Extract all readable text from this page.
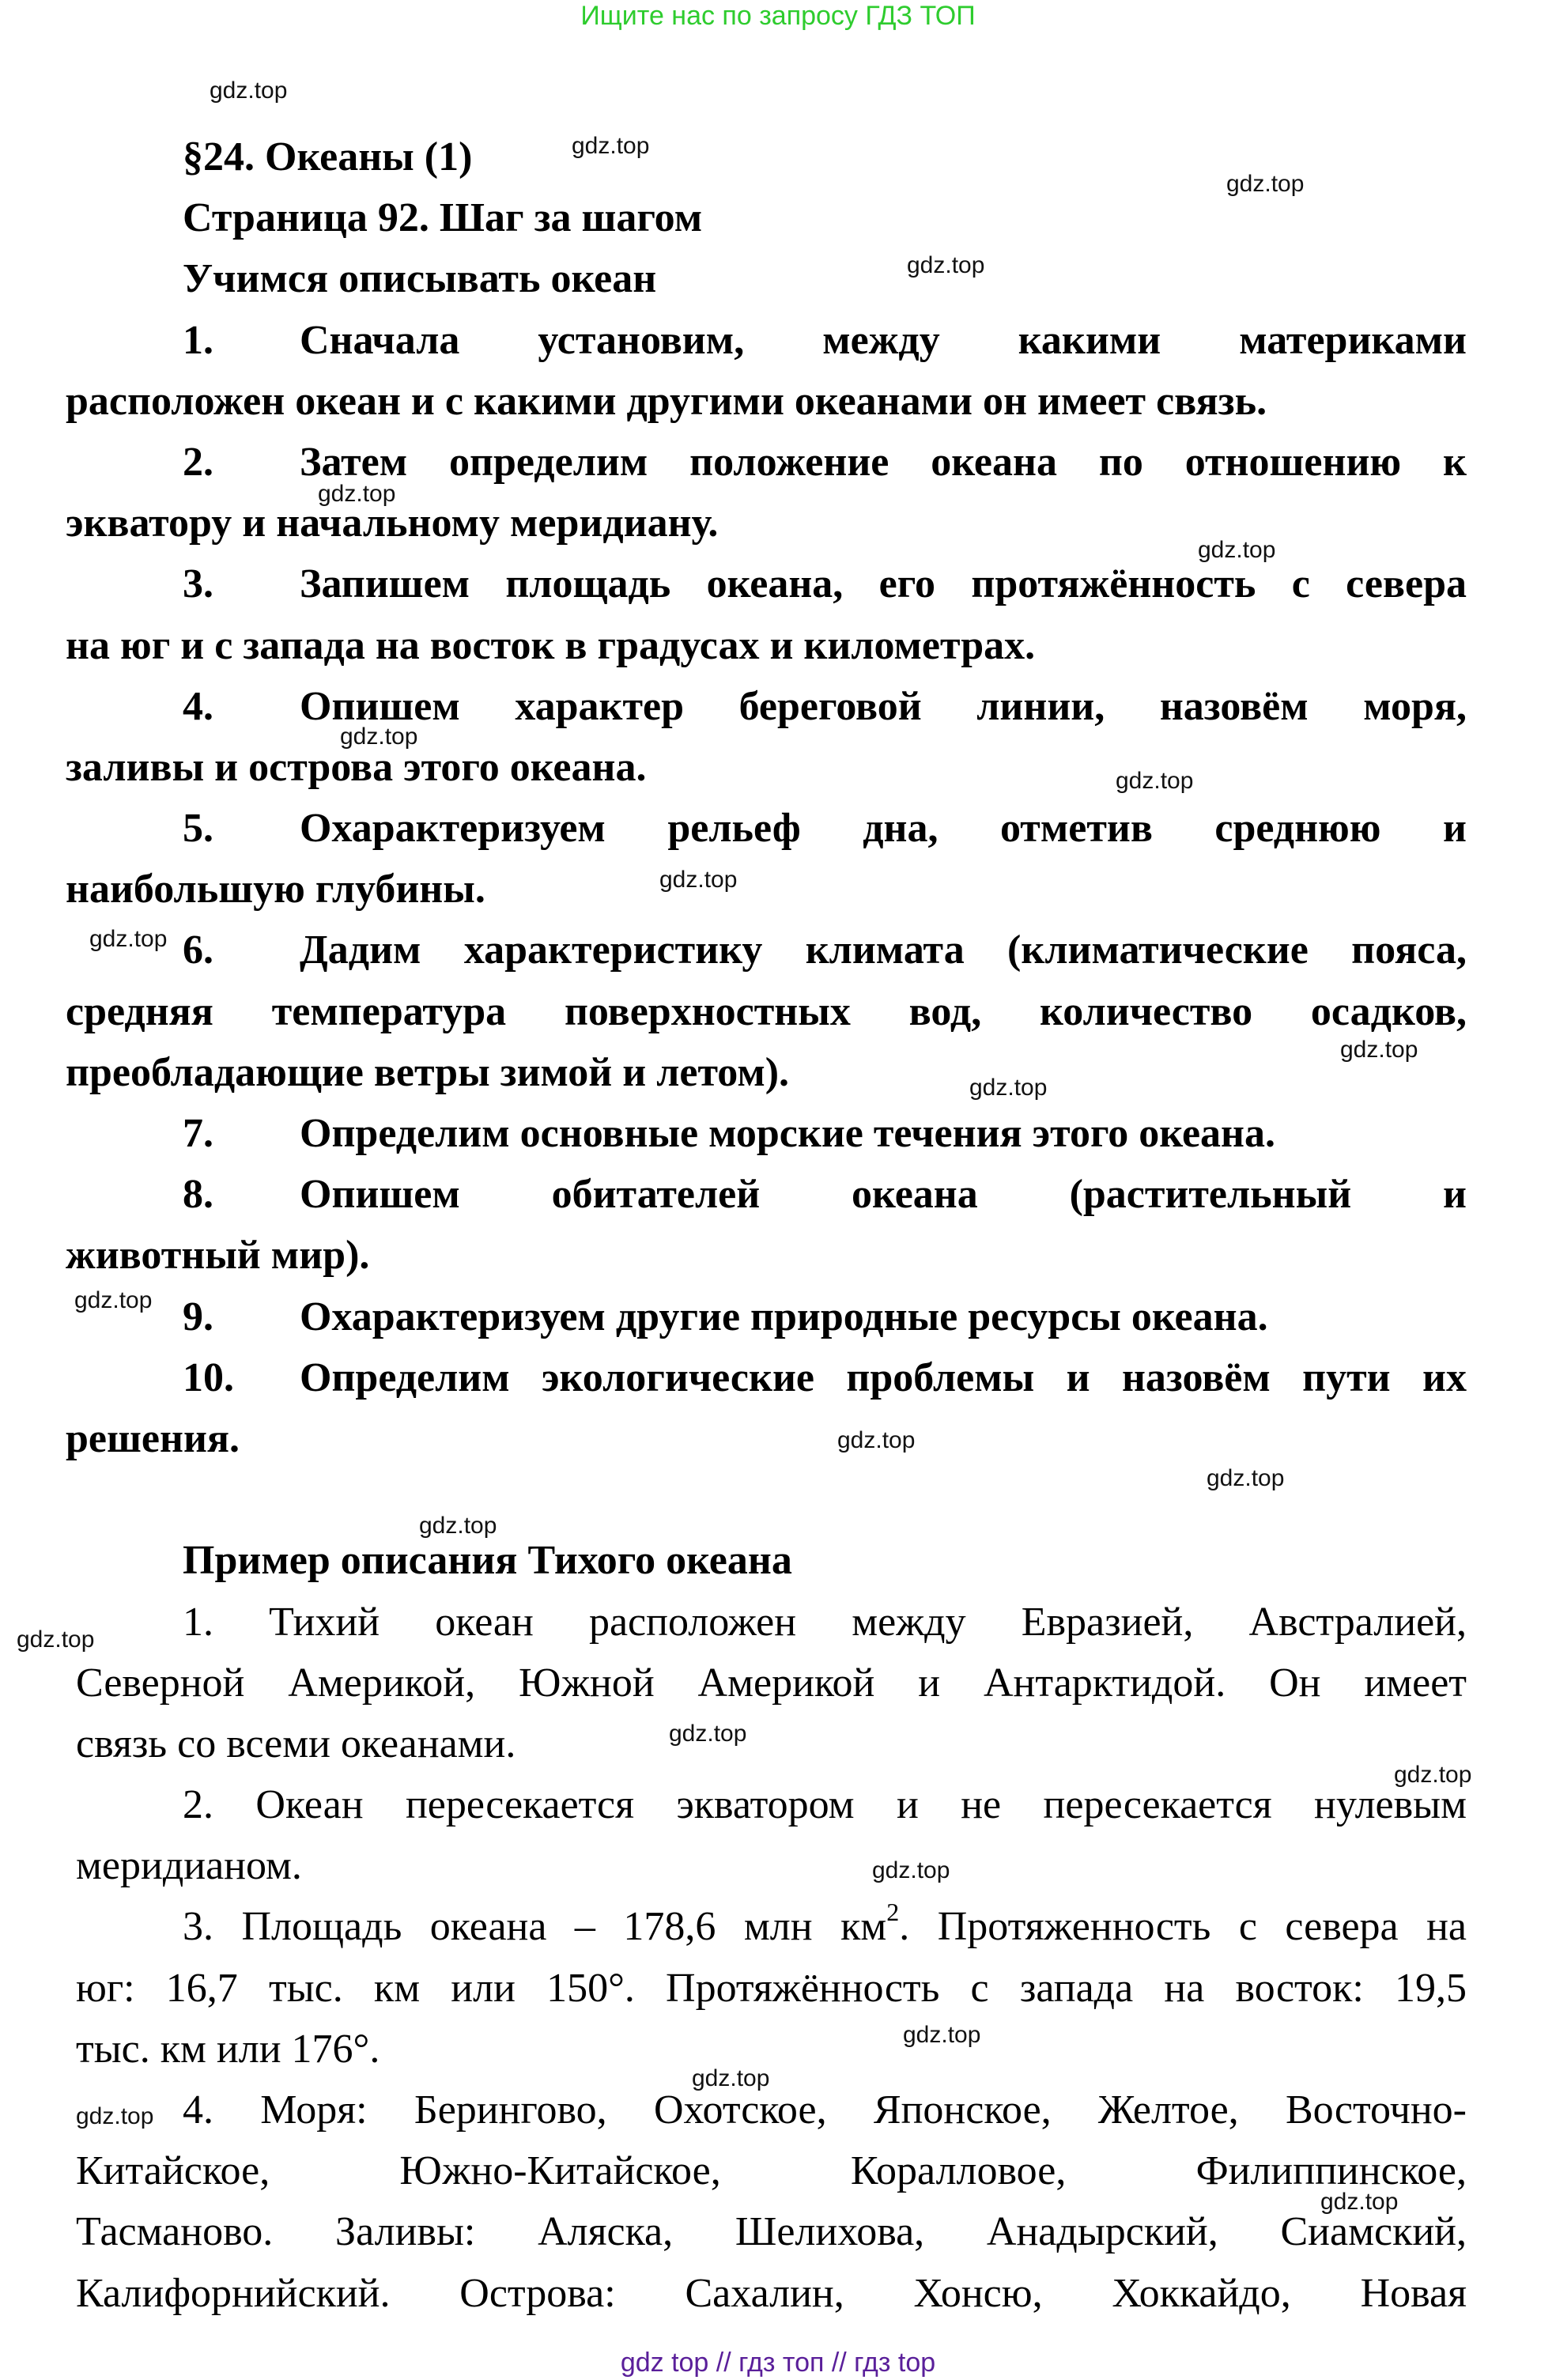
Ищите нас по запросу ГДЗ ТОП
§24. Океаны (1)
Страница 92. Шаг за шагом
Учимся описывать океан
1.	Сначала установим, между какими материками
расположен океан и с какими другими океанами он имеет связь.
2.	Затем определим положение океана по отношению к
экватору и начальному меридиану.
3.	Запишем площадь океана, его протяжённость с севера
на юг и с запада на восток в градусах и километрах.
4.	Опишем характер береговой линии, назовём моря,
заливы и острова этого океана.
5.	Охарактеризуем рельеф дна, отметив среднюю и
наибольшую глубины.
6.	Дадим характеристику климата (климатические пояса,
средняя температура поверхностных вод, количество осадков,
преобладающие ветры зимой и летом).
7.	Определим основные морские течения этого океана.
8.	Опишем обитателей океана (растительный и
животный мир).
9.	Охарактеризуем другие природные ресурсы океана.
10.	Определим экологические проблемы и назовём пути их
решения.
Пример описания Тихого океана
1. Тихий океан расположен между Евразией, Австралией,
Северной Америкой, Южной Америкой и Антарктидой. Он имеет
связь со всеми океанами.
2. Океан пересекается экватором и не пересекается нулевым
меридианом.
3. Площадь океана – 178,6 млн $км^2$. Протяженность с севера на
юг: 16,7 тыс. км или 150°. Протяжённость с запада на восток: 19,5
тыс. км или 176°.
4. Моря: Берингово, Охотское, Японское, Желтое, Восточно-
Китайское, Южно-Китайское, Коралловое, Филиппинское,
Тасманово. Заливы: Аляска, Шелихова, Анадырский, Сиамский,
Калифорнийский. Острова: Сахалин, Хонсю, Хоккайдо, Новая
gdz.top
gdz.top
gdz.top
gdz.top
gdz.top
gdz.top
gdz.top
gdz.top
gdz.top
gdz.top
gdz.top
gdz.top
gdz.top
gdz.top
gdz.top
gdz.top
gdz.top
gdz.top
gdz.top
gdz.top
gdz.top
gdz.top
gdz.top
gdz.top
gdz top // гдз топ // гдз top
